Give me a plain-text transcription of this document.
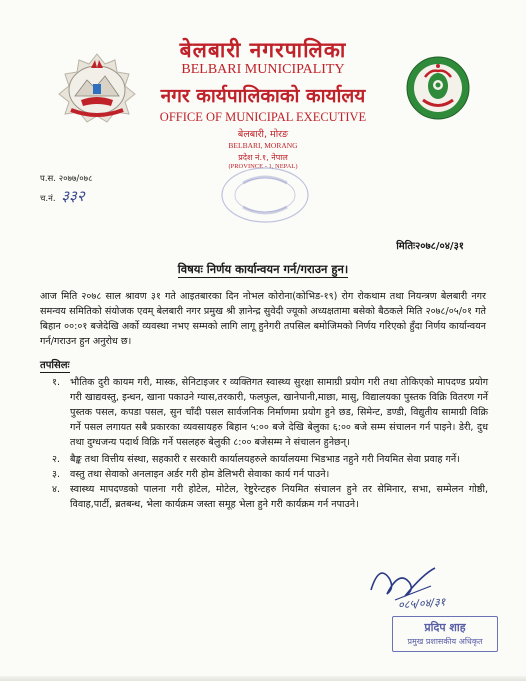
बेलबारी नगरपालिका
BELBARI MUNICIPALITY
नगर कार्यपालिकाको कार्यालय
OFFICE OF MUNICIPAL EXECUTIVE
बेलबारी, मोरङ
BELBARI, MORANG
प्रदेश नं.१, नेपाल
(PROVINCE - 1, NEPAL)
प.स. २०७७/०७८
च.नं. ३३२
मितिः२०७८/०४/३१
विषयः निर्णय कार्यान्वयन गर्न/गराउन हुन।

आज मिति २०७८ साल श्रावण ३१ गते आइतबारका दिन नोभल कोरोना(कोभिड-१९) रोग रोकथाम तथा नियन्त्रण बेलबारी नगर समन्वय समितिको संयोजक एवम् बेलबारी नगर प्रमुख श्री ज्ञानेन्द्र सुवेदी ज्यूको अध्यक्षतामा बसेको बैठकले मिति २०७८/०५/०१ गते बिहान ००:०१ बजेदेखि अर्को व्यवस्था नभए सम्मको लागि लागू हुनेगरी तपसिल बमोजिमको निर्णय गरिएको हुँदा निर्णय कार्यान्वयन गर्न/गराउन हुन अनुरोध छ।

तपसिलः
१. भौतिक दुरी कायम गरी, मास्क, सेनिटाइजर र व्यक्तिगत स्वास्थ्य सुरक्षा सामाग्री प्रयोग गरी तथा तोकिएको मापदण्ड प्रयोग गरी खाद्यवस्तु, इन्धन, खाना पकाउने ग्यास,तरकारी, फलफुल, खानेपानी,माछा, मासु, विद्यालयका पुस्तक विक्रि वितरण गर्ने पुस्तक पसल, कपडा पसल, सुन चाँदी पसल सार्वजनिक निर्माणमा प्रयोग हुने छड, सिमेन्ट, डण्डी, विद्युतीय सामाग्री विक्रि गर्ने पसल लगायत सबै प्रकारका व्यवसायहरु बिहान ५:०० बजे देखि बेलुका ६:०० बजे सम्म संचालन गर्न पाइने। डेरी, दुध तथा दुग्धजन्य पदार्थ विक्रि गर्ने पसलहरु बेलुकी ८:०० बजेसम्म ने संचालन हुनेछन्।
२. बैङ्क तथा वित्तीय संस्था, सहकारी र सरकारी कार्यालयहरुले कार्यालयमा भिडभाड नहुने गरी नियमित सेवा प्रवाह गर्ने।
३. वस्तु तथा सेवाको अनलाइन अर्डर गरी होम डेलिभरी सेवाका कार्य गर्न पाउने।
४. स्वास्थ्य मापदण्डको पालना गरी होटेल, मोटेल, रेष्टुरेन्टहरु नियमित संचालन हुने तर सेमिनार, सभा, सम्मेलन गोष्ठी, विवाह,पार्टी, ब्रतबन्ध, भेला कार्यक्रम जस्ता समूह भेला हुने गरी कार्यक्रम गर्न नपाउने।
०८५/०४/३१
प्रदिप शाह
प्रमुख प्रशासकीय अधिकृत
